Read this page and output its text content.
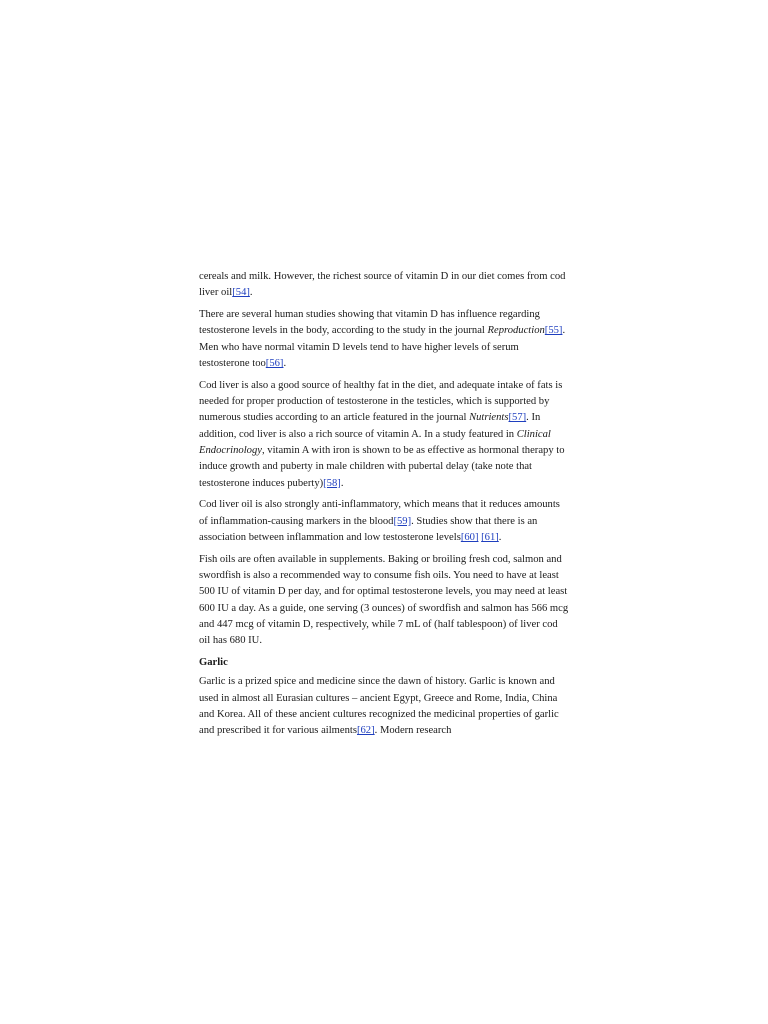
cereals and milk. However, the richest source of vitamin D in our diet comes from cod liver oil[54].

There are several human studies showing that vitamin D has influence regarding testosterone levels in the body, according to the study in the journal Reproduction[55]. Men who have normal vitamin D levels tend to have higher levels of serum testosterone too[56].

Cod liver is also a good source of healthy fat in the diet, and adequate intake of fats is needed for proper production of testosterone in the testicles, which is supported by numerous studies according to an article featured in the journal Nutrients[57]. In addition, cod liver is also a rich source of vitamin A. In a study featured in Clinical Endocrinology, vitamin A with iron is shown to be as effective as hormonal therapy to induce growth and puberty in male children with pubertal delay (take note that testosterone induces puberty)[58].

Cod liver oil is also strongly anti-inflammatory, which means that it reduces amounts of inflammation-causing markers in the blood[59]. Studies show that there is an association between inflammation and low testosterone levels[60] [61].

Fish oils are often available in supplements. Baking or broiling fresh cod, salmon and swordfish is also a recommended way to consume fish oils. You need to have at least 500 IU of vitamin D per day, and for optimal testosterone levels, you may need at least 600 IU a day. As a guide, one serving (3 ounces) of swordfish and salmon has 566 mcg and 447 mcg of vitamin D, respectively, while 7 mL of (half tablespoon) of liver cod oil has 680 IU.

Garlic

Garlic is a prized spice and medicine since the dawn of history. Garlic is known and used in almost all Eurasian cultures – ancient Egypt, Greece and Rome, India, China and Korea. All of these ancient cultures recognized the medicinal properties of garlic and prescribed it for various ailments[62]. Modern research
